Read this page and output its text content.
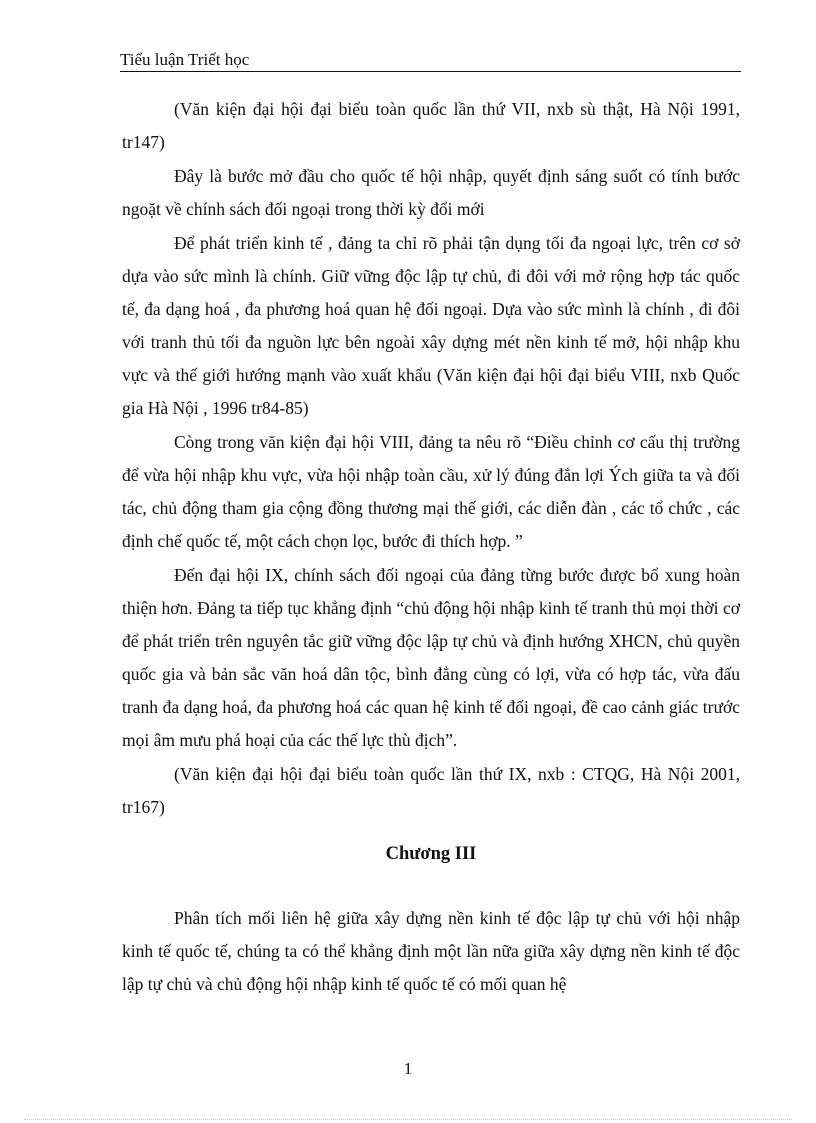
Tiểu luận Triết học

(Văn kiện đại hội đại biểu toàn quốc lần thứ VII, nxb sù thật, Hà Nội 1991, tr147)

Đây là bước mở đầu cho quốc tế hội nhập, quyết định sáng suốt có tính bước ngoặt về chính sách đối ngoại trong thời kỳ đổi mới

Để phát triển kinh tế , đảng ta chỉ rõ phải tận dụng tối đa ngoại lực, trên cơ sở dựa vào sức mình là chính. Giữ vững độc lập tự chủ, đi đôi với mở rộng hợp tác quốc tế, đa dạng hoá , đa phương hoá quan hệ đối ngoại. Dựa vào sức mình là chính , đi đôi với tranh thủ tối đa nguồn lực bên ngoài xây dựng mét nền kinh tế mở, hội nhập khu vực và thế giới hướng mạnh vào xuất khẩu (Văn kiện đại hội đại biểu VIII, nxb Quốc gia Hà Nội , 1996 tr84-85)

Còng trong văn kiện đại hội VIII, đảng ta nêu rõ “Điều chỉnh cơ cấu thị trường để vừa hội nhập khu vực, vừa hội nhập toàn cầu, xử lý đúng đắn lợi Ých giữa ta và đối tác, chủ động tham gia cộng đồng thương mại thế giới, các diễn đàn , các tổ chức , các định chế quốc tế, một cách chọn lọc, bước đi thích hợp. ”

Đến đại hội IX, chính sách đối ngoại của đảng từng bước được bổ xung hoàn thiện hơn. Đảng ta tiếp tục khẳng định “chủ động hội nhập kinh tế tranh thủ mọi thời cơ để phát triển trên nguyên tắc giữ vững độc lập tự chủ và định hướng XHCN, chủ quyền quốc gia và bản sắc văn hoá dân tộc, bình đẳng cùng có lợi, vừa có hợp tác, vừa đấu tranh đa dạng hoá, đa phương hoá các quan hệ kinh tế đối ngoại, đề cao cảnh giác trước mọi âm mưu phá hoại của các thế lực thù địch”.

(Văn kiện đại hội đại biểu toàn quốc lần thứ IX, nxb : CTQG, Hà Nội 2001, tr167)

Chương III

Phân tích mối liên hệ giữa xây dựng nền kinh tế độc lập tự chủ với hội nhập kinh tế quốc tế, chúng ta có thể khẳng định một lần nữa giữa xây dựng nền kinh tế độc lập tự chủ và chủ động hội nhập kinh tế quốc tế có mối quan hệ

1
